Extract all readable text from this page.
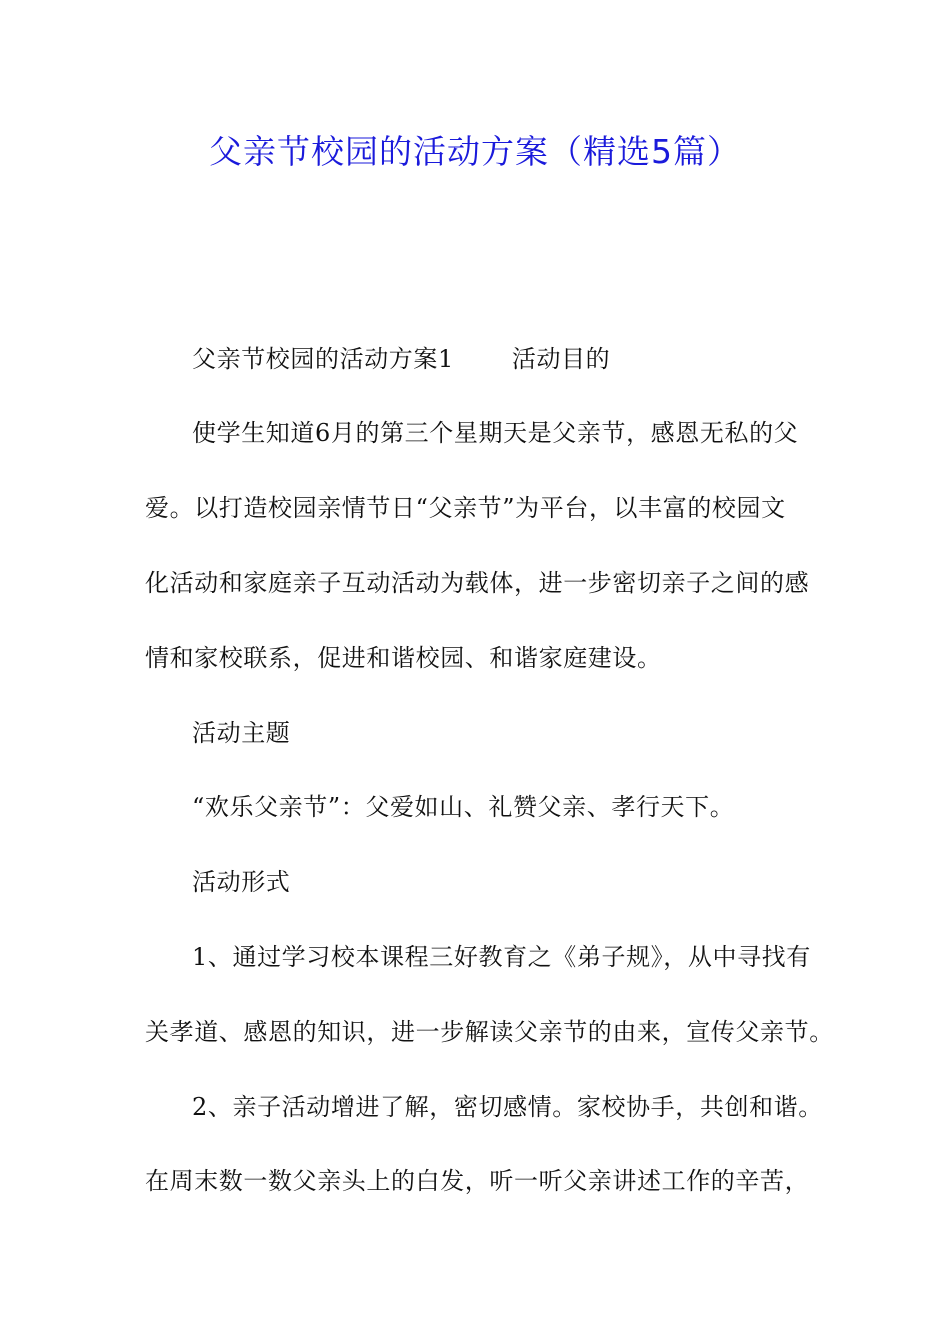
父亲节校园的活动方案（精选5篇）
父亲节校园的活动方案1 活动目的
使学生知道6月的第三个星期天是父亲节，感恩无私的父
爱。以打造校园亲情节日“父亲节”为平台，以丰富的校园文
化活动和家庭亲子互动活动为载体，进一步密切亲子之间的感
情和家校联系，促进和谐校园、和谐家庭建设。
活动主题
“欢乐父亲节”：父爱如山、礼赞父亲、孝行天下。
活动形式
1、通过学习校本课程三好教育之《弟子规》，从中寻找有
关孝道、感恩的知识，进一步解读父亲节的由来，宣传父亲节。
2、亲子活动增进了解，密切感情。家校协手，共创和谐。
在周末数一数父亲头上的白发，听一听父亲讲述工作的辛苦，
